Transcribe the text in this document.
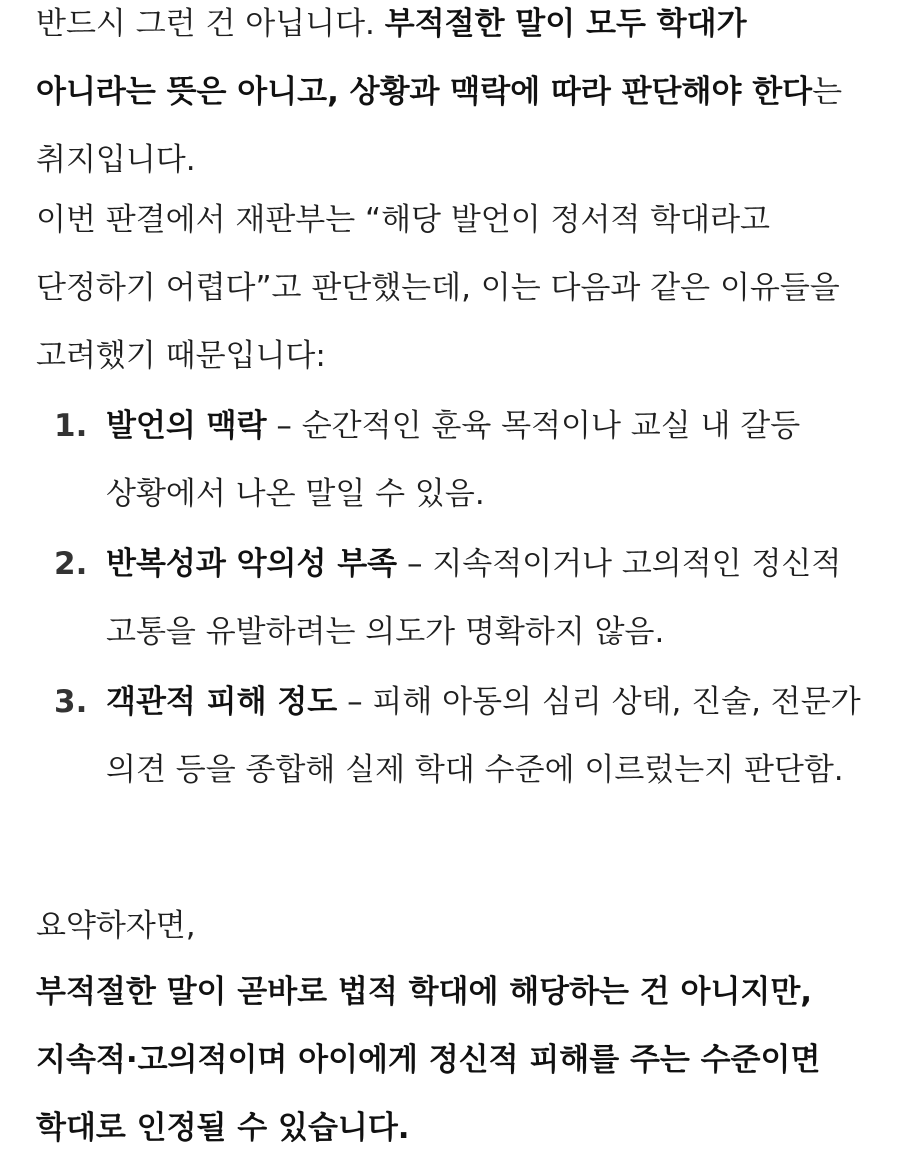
반드시 그런 건 아닙니다. 부적절한 말이 모두 학대가 아니라는 뜻은 아니고, 상황과 맥락에 따라 판단해야 한다는 취지입니다.

이번 판결에서 재판부는 “해당 발언이 정서적 학대라고 단정하기 어렵다”고 판단했는데, 이는 다음과 같은 이유들을 고려했기 때문입니다:

1. 발언의 맥락 – 순간적인 훈육 목적이나 교실 내 갈등 상황에서 나온 말일 수 있음.
2. 반복성과 악의성 부족 – 지속적이거나 고의적인 정신적 고통을 유발하려는 의도가 명확하지 않음.
3. 객관적 피해 정도 – 피해 아동의 심리 상태, 진술, 전문가 의견 등을 종합해 실제 학대 수준에 이르렀는지 판단함.

요약하자면,

부적절한 말이 곧바로 법적 학대에 해당하는 건 아니지만, 지속적·고의적이며 아이에게 정신적 피해를 주는 수준이면 학대로 인정될 수 있습니다.
